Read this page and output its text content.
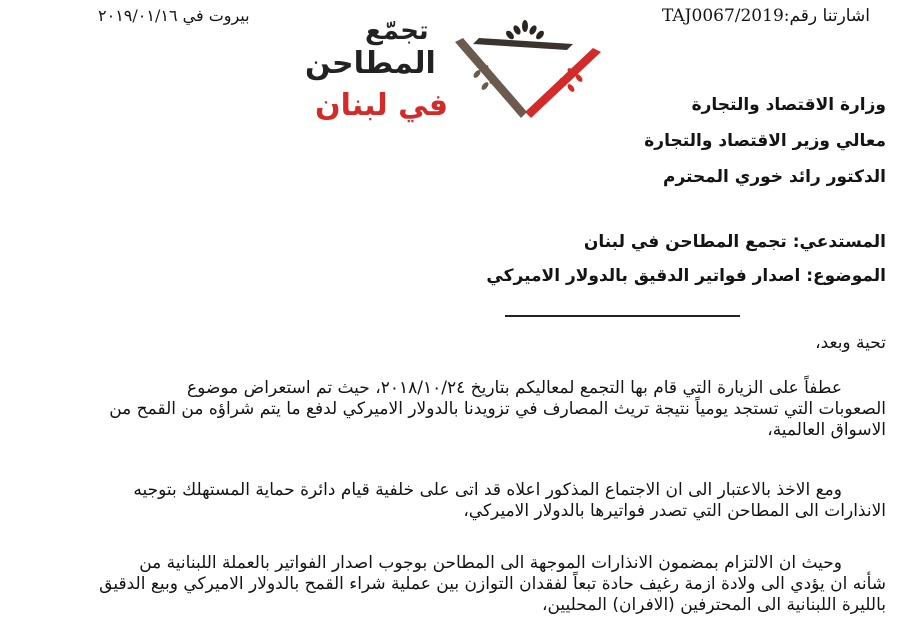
اشارتنا رقم:TAJ0067/2019
بيروت في ٢٠١٩/٠١/١٦
تجمّع
المطاحن
في لبنان	وزارة الاقتصاد والتجارة
معالي وزير الاقتصاد والتجارة
الدكتور رائد خوري المحترم
المستدعي: تجمع المطاحن في لبنان
الموضوع: اصدار فواتير الدقيق بالدولار الاميركي
تحية وبعد،
عطفاً على الزيارة التي قام بها التجمع لمعاليكم بتاريخ ٢٠١٨/١٠/٢٤، حيث تم استعراض موضوع
الصعوبات التي تستجد يومياً نتيجة تريث المصارف في تزويدنا بالدولار الاميركي لدفع ما يتم شراؤه من القمح من
الاسواق العالمية،
ومع الاخذ بالاعتبار الى ان الاجتماع المذكور اعلاه قد اتى على خلفية قيام دائرة حماية المستهلك بتوجيه
الانذارات الى المطاحن التي تصدر فواتيرها بالدولار الاميركي،
وحيث ان الالتزام بمضمون الانذارات الموجهة الى المطاحن بوجوب اصدار الفواتير بالعملة اللبنانية من
شأنه ان يؤدي الى ولادة ازمة رغيف حادة تبعاً لفقدان التوازن بين عملية شراء القمح بالدولار الاميركي وبيع الدقيق
بالليرة اللبنانية الى المحترفين (الافران) المحليين،
